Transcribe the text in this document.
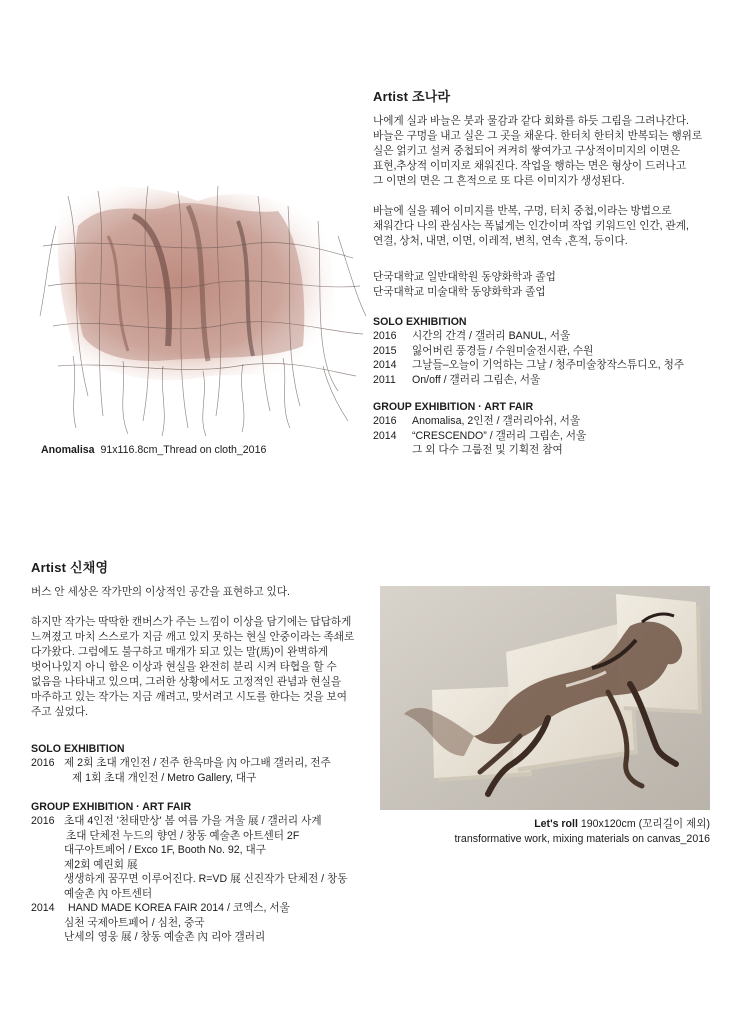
Artist 조나라

나에게 실과 바늘은 붓과 물감과 같다 회화를 하듯 그림을 그려나간다.
바늘은 구멍을 내고 실은 그 곳을 채운다. 한터치 한터치 반복되는 행위로
실은 얽키고 설켜 중첩되어 켜켜히 쌓여가고 구상적이미지의 이면은
표현,추상적 이미지로 채워진다. 작업을 행하는 면은 형상이 드러나고
그 이면의 면은 그 흔적으로 또 다른 이미지가 생성된다.

바늘에 실을 꿰어 이미지를 반복, 구멍, 터치 중첩,이라는 방법으로
채워간다 나의 관심사는 폭넓게는 인간이며 작업 키워드인 인간, 관계,
연결, 상처, 내면, 이면, 이레적, 변칙, 연속 ,흔적, 등이다.

단국대학교 일반대학원 동양화학과 졸업
단국대학교 미술대학 동양화학과 졸업
SOLO EXHIBITION
2016	시간의 간격 / 갤러리 BANUL, 서울
2015	잃어버린 풍경들 / 수원미술전시관, 수원
2014	그날들–오늘이 기억하는 그날 / 청주미술창작스튜디오, 청주
2011	On/off / 갤러리 그림손, 서울
GROUP EXHIBITION · ART FAIR
2016	Anomalisa, 2인전 / 갤러리아쉬, 서울
2014	“CRESCENDO” / 갤러리 그림손, 서울
그 외 다수 그룹전 및 기획전 참여
Anomalisa 91x116.8cm_Thread on cloth_2016
Artist 신채영

버스 안 세상은 작가만의 이상적인 공간을 표현하고 있다.

하지만 작가는 딱딱한 캔버스가 주는 느낌이 이상을 담기에는 답답하게
느껴졌고 마치 스스로가 지금 깨고 있지 못하는 현실 안중이라는 족쇄로
다가왔다. 그럼에도 불구하고 매개가 되고 있는 말(馬)이 완벽하게
벗어나있지 아니 함은 이상과 현실을 완전히 분리 시켜 타협을 할 수
없음을 나타내고 있으며, 그러한 상황에서도 고정적인 관념과 현실을
마주하고 있는 작가는 지금 깨려고, 맞서려고 시도를 한다는 것을 보여
주고 싶었다.

SOLO EXHIBITION
2016 제 2회 초대 개인전 / 전주 한옥마을 內 아그배 갤러리, 전주
제 1회 초대 개인전 / Metro Gallery, 대구
GROUP EXHIBITION · ART FAIR
2016 초대 4인전 '천태만상' 봄 여름 가을 겨울 展 / 갤러리 사계
초대 단체전 누드의 향연 / 창동 예술촌 아트센터 2F
대구아트페어 / Exco 1F, Booth No. 92, 대구
제2회 예린회 展
생생하게 꿈꾸면 이루어진다. R=VD 展 신진작가 단체전 / 창동
예술촌 內 아트센터
2014	HAND MADE KOREA FAIR 2014 / 코엑스, 서울
심천 국제아트페어 / 심천, 중국
난세의 영웅 展 / 창동 예술촌 內 리아 갤러리
Let's roll 190x120cm (꼬리길이 제외)
transformative work, mixing materials on canvas_2016
